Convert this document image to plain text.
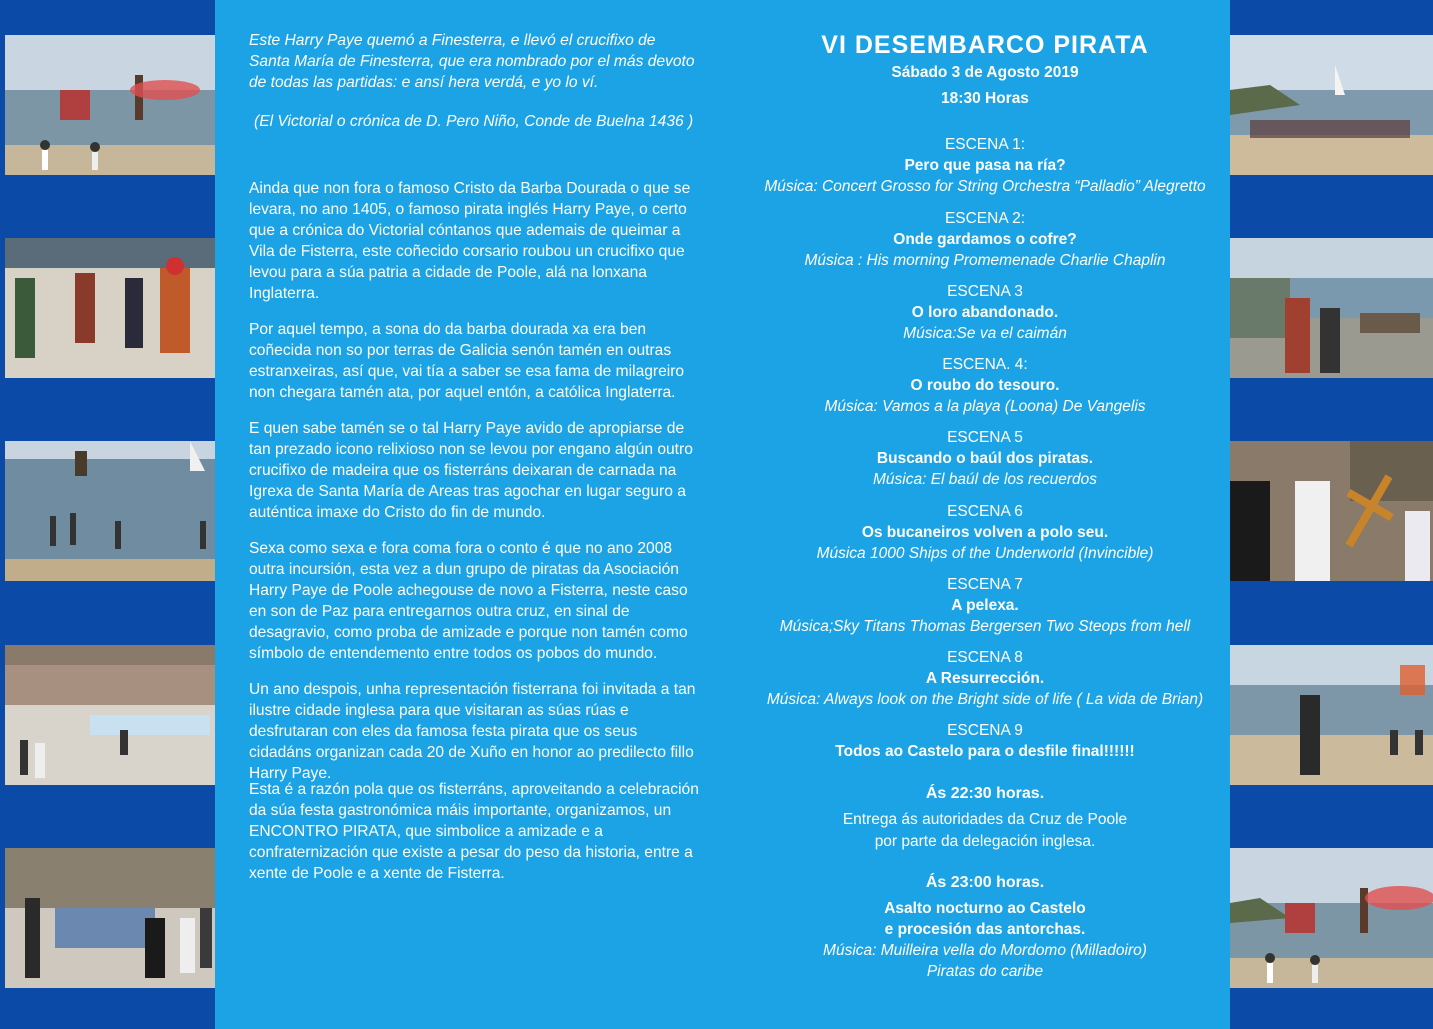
Este Harry Paye quemó a Finesterra, e llevó el crucifixo de Santa María de Finesterra, que era nombrado por el más devoto de todas las partidas: e ansí hera verdá, e yo lo ví.

(El Victorial o crónica de D. Pero Niño, Conde de Buelna 1436 )

Ainda que non fora o famoso Cristo da Barba Dourada o que se levara, no ano 1405, o famoso pirata inglés Harry Paye, o certo que a crónica do Victorial cóntanos que ademais de queimar a Vila de Fisterra, este coñecido corsario roubou un crucifixo que levou para a súa patria a cidade de Poole, alá na lonxana Inglaterra.

Por aquel tempo, a sona do da barba dourada xa era ben coñecida non so por terras de Galicia senón tamén en outras estranxeiras, así que, vai tía a saber se esa fama de milagreiro non chegara tamén ata, por aquel entón, a católica Inglaterra.

E quen sabe tamén se o tal Harry Paye avido de apropiarse de tan prezado icono relixioso non se levou por engano algún outro crucifixo de madeira que os fisterráns deixaran de carnada na Igrexa de Santa María de Areas tras agochar en lugar seguro a auténtica imaxe do Cristo do fin de mundo.

Sexa como sexa e fora coma fora o conto é que no ano 2008 outra incursión, esta vez a dun grupo de piratas da Asociación Harry Paye de Poole achegouse de novo a Fisterra, neste caso en son de Paz para entregarnos outra cruz, en sinal de desagravio, como proba de amizade e porque non tamén como símbolo de entendemento entre todos os pobos do mundo.

Un ano despois, unha representación fisterrana foi invitada a tan ilustre cidade inglesa para que visitaran as súas rúas e desfrutaran con eles da famosa festa pirata que os seus cidadáns organizan cada 20 de Xuño en honor ao predilecto fillo Harry Paye.

Esta é a razón pola que os fisterráns, aproveitando a celebración da súa festa gastronómica máis importante, organizamos, un ENCONTRO PIRATA, que simbolice a amizade e a confraternización que existe a pesar do peso da historia, entre a xente de Poole e a xente de Fisterra.

VI DESEMBARCO PIRATA

Sábado 3 de Agosto 2019

18:30 Horas

ESCENA 1:
Pero que pasa na ría?
Música: Concert Grosso for String Orchestra “Palladio” Alegretto
ESCENA 2:
Onde gardamos o cofre?
Música : His morning Promemenade Charlie Chaplin
ESCENA 3
O loro abandonado.
Música:Se va el caimán
ESCENA. 4:
O roubo do tesouro.
Música: Vamos a la playa (Loona) De Vangelis
ESCENA 5
Buscando o baúl dos piratas.
Música: El baúl de los recuerdos
ESCENA 6
Os bucaneiros volven a polo seu.
Música 1000 Ships of the Underworld (Invincible)
ESCENA 7
A pelexa.
Música;Sky Titans Thomas Bergersen Two Steops from hell
ESCENA 8
A Resurrección.
Música: Always look on the Bright side of life ( La vida de Brian)
ESCENA 9
Todos ao Castelo para o desfile final!!!!!!
Ás 22:30 horas.
Entrega ás autoridades da Cruz de Poole
por parte da delegación inglesa.
Ás 23:00 horas.
Asalto nocturno ao Castelo
e procesión das antorchas.
Música: Muilleira vella do Mordomo (Milladoiro)
Piratas do caribe
